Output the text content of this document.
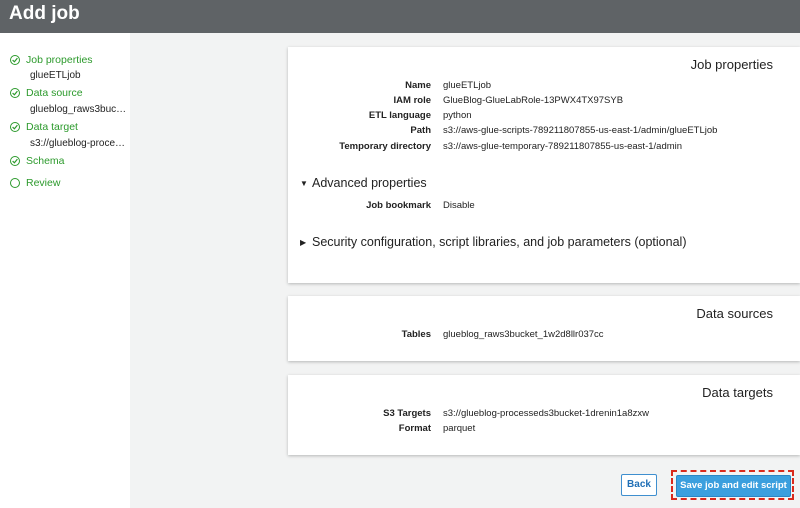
Add job
Job properties
glueETLjob
Data source
glueblog_raws3buc…
Data target
s3://glueblog-proce…
Schema
Review
Job properties
Name glueETLjob
IAM role GlueBlog-GlueLabRole-13PWX4TX97SYB
ETL language python
Path s3://aws-glue-scripts-789211807855-us-east-1/admin/glueETLjob
Temporary directory s3://aws-glue-temporary-789211807855-us-east-1/admin
▼ Advanced properties
Job bookmark Disable
▶ Security configuration, script libraries, and job parameters (optional)
Data sources
Tables glueblog_raws3bucket_1w2d8llr037cc
Data targets
S3 Targets s3://glueblog-processeds3bucket-1drenin1a8zxw
Format parquet
Back	Save job and edit script
